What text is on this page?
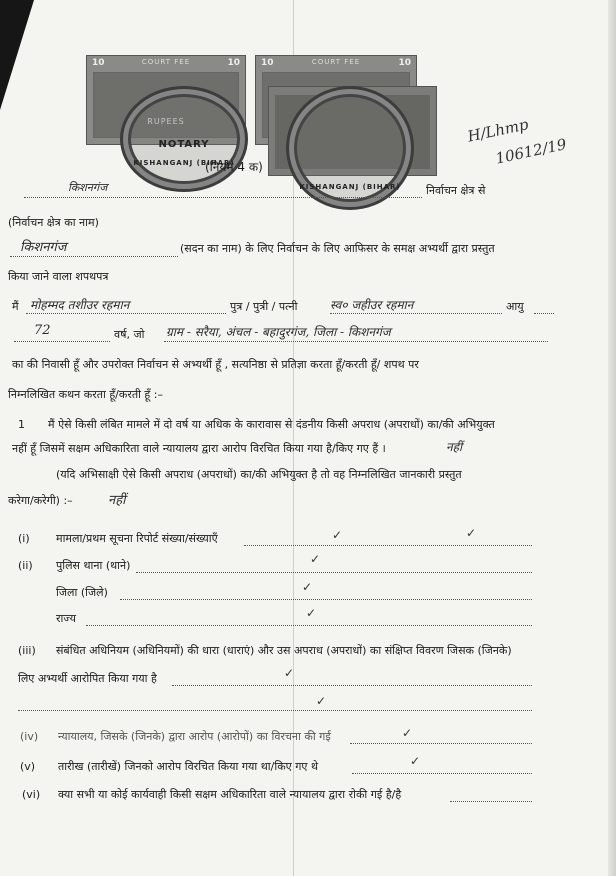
10	COURT FEE	10
RUPEES
10	COURT FEE	10
NOTARY
KISHANGANJ (BIHAR)
KISHANGANJ (BIHAR)
H/Lhmp
10612/19
(नियम 4 क)
किशनगंज	निर्वाचन क्षेत्र से
(निर्वाचन क्षेत्र का नाम)
किशनगंज	(सदन का नाम) के लिए निर्वाचन के लिए आफिसर के समक्ष अभ्यर्थी द्वारा प्रस्तुत
किया जाने वाला शपथपत्र
मैं मोहम्मद तशीउर रहमान	पुत्र / पुत्री / पत्नी	स्व० जहीउर रहमान	आयु
72	वर्ष, जो ग्राम - सरैया, अंचल - बहादुरगंज, जिला - किशनगंज
का की निवासी हूँ और उपरोक्त निर्वाचन से अभ्यर्थी हूँ , सत्यनिष्ठा से प्रतिज्ञा करता हूँ/करती हूँ/ शपथ पर
निम्नलिखित कथन करता हूँ/करती हूँ :–
1 मैं ऐसे किसी लंबित मामले में दो वर्ष या अधिक के कारावास से दंडनीय किसी अपराध (अपराधों) का/की अभियुक्त
नहीं हूँ जिसमें सक्षम अधिकारिता वाले न्यायालय द्वारा आरोप विरचित किया गया है/किए गए हैं ।	नहीं
(यदि अभिसाक्षी ऐसे किसी अपराध (अपराधों) का/की अभियुक्त है तो वह निम्नलिखित जानकारी प्रस्तुत
करेगा/करेगी) :–	नहीं
(i) मामला/प्रथम सूचना रिपोर्ट संख्या/संख्याएँ	✓	✓
(ii) पुलिस थाना (थाने)	✓
जिला (जिले)	✓
राज्य	✓
(iii) संबंधित अधिनियम (अधिनियमों) की धारा (धाराएं) और उस अपराध (अपराधों) का संक्षिप्त विवरण जिसक (जिनके)
लिए अभ्यर्थी आरोपित किया गया है	✓
✓
(iv) न्यायालय, जिसके (जिनके) द्वारा आरोप (आरोपों) का विरचना की गई	✓
(v) तारीख (तारीखें) जिनको आरोप विरचित किया गया था/किए गए थे	✓
(vi) क्या सभी या कोई कार्यवाही किसी सक्षम अधिकारिता वाले न्यायालय द्वारा रोकी गई है/है
